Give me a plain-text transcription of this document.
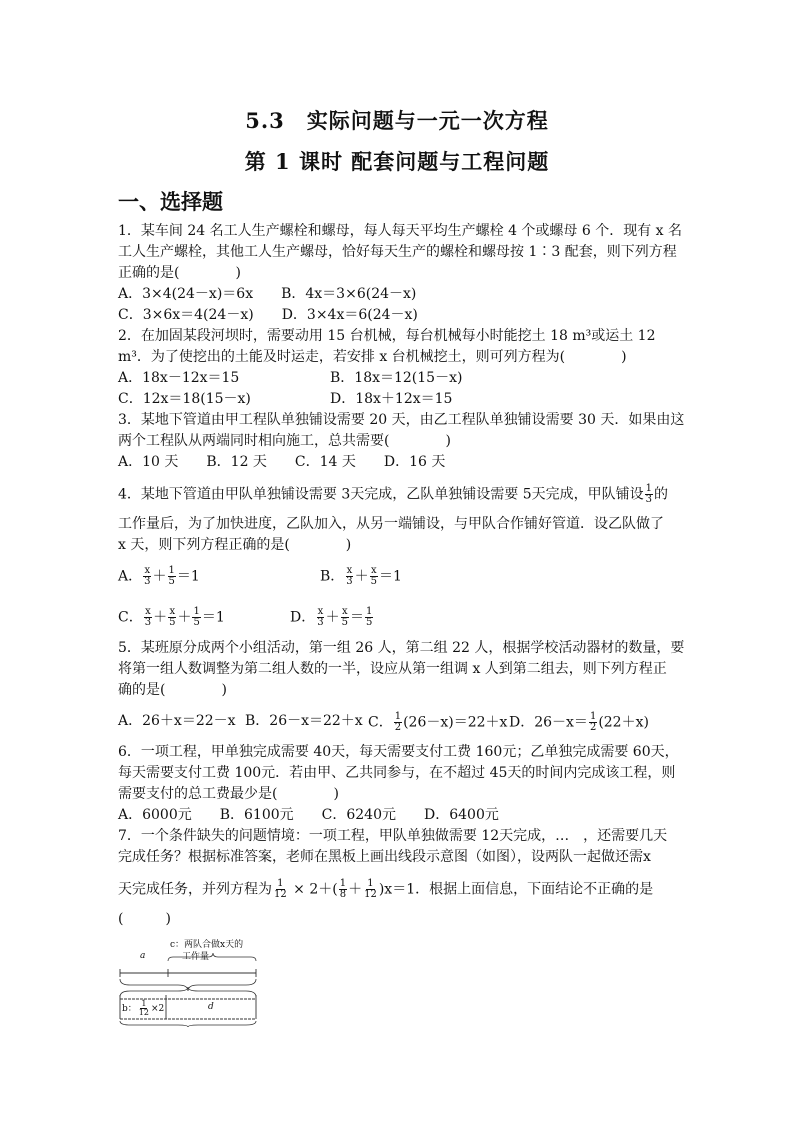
5.3　实际问题与一元一次方程
第 1 课时 配套问题与工程问题
一、选择题
1．某车间 24 名工人生产螺栓和螺母，每人每天平均生产螺栓 4 个或螺母 6 个．现有 x 名
工人生产螺栓，其他工人生产螺母，恰好每天生产的螺栓和螺母按 1∶3 配套，则下列方程
正确的是(　　　　)
A．3×4(24－x)＝6x　　B．4x＝3×6(24－x)
C．3×6x＝4(24－x)　　D．3×4x＝6(24－x)
2．在加固某段河坝时，需要动用 15 台机械，每台机械每小时能挖土 18 m³或运土 12
m³．为了使挖出的土能及时运走，若安排 x 台机械挖土，则可列方程为(　　　　)
A．18x－12x＝15	B．18x＝12(15－x)
C．12x＝18(15－x)	D．18x＋12x＝15
3．某地下管道由甲工程队单独铺设需要 20 天，由乙工程队单独铺设需要 30 天．如果由这
两个工程队从两端同时相向施工，总共需要(　　　　)
A．10 天　　B．12 天　　C．14 天　　D．16 天
4．某地下管道由甲队单独铺设需要 3天完成，乙队单独铺设需要 5天完成，甲队铺设 $\frac{1}{3}$ 的
工作量后，为了加快进度，乙队加入，从另一端铺设，与甲队合作铺好管道．设乙队做了
x 天，则下列方程正确的是(　　　　)
A． $\frac{x}{3} + \frac{1}{5} =1$	B． $\frac{x}{3} + \frac{x}{5} =1$
C． $\frac{x}{3} + \frac{x}{5} + \frac{1}{5} =1$	D． $\frac{x}{3} + \frac{x}{5} = \frac{1}{5}$
5．某班原分成两个小组活动，第一组 26 人，第二组 22 人，根据学校活动器材的数量，要
将第一组人数调整为第二组人数的一半，设应从第一组调 x 人到第二组去，则下列方程正
确的是(　　　　)
A．26＋x＝22－x B．26－x＝22＋x C． $\frac{1}{2} (26-x)=22+x$ D．$26-x= \frac{1}{2} (22+x)$
6．一项工程，甲单独完成需要 40天，每天需要支付工费 160元；乙单独完成需要 60天，
每天需要支付工费 100元．若由甲、乙共同参与，在不超过 45天的时间内完成该工程，则
需要支付的总工费最少是(　　　　)
A．6000元　　B．6100元　　C．6240元　　D．6400元
7．一个条件缺失的问题情境：一项工程，甲队单独做需要 12天完成，…　，还需要几天
完成任务？根据标准答案，老师在黑板上画出线段示意图（如图），设两队一起做还需x
天完成任务，并列方程为 $\frac{1}{12} \times 2+( \frac{1}{8} + \frac{1}{12} )x=1$．根据上面信息，下面结论不正确的是
(　　　)
c：两队合做x天的
工作量
a
b： $\frac{1}{12} \times 2$	d
